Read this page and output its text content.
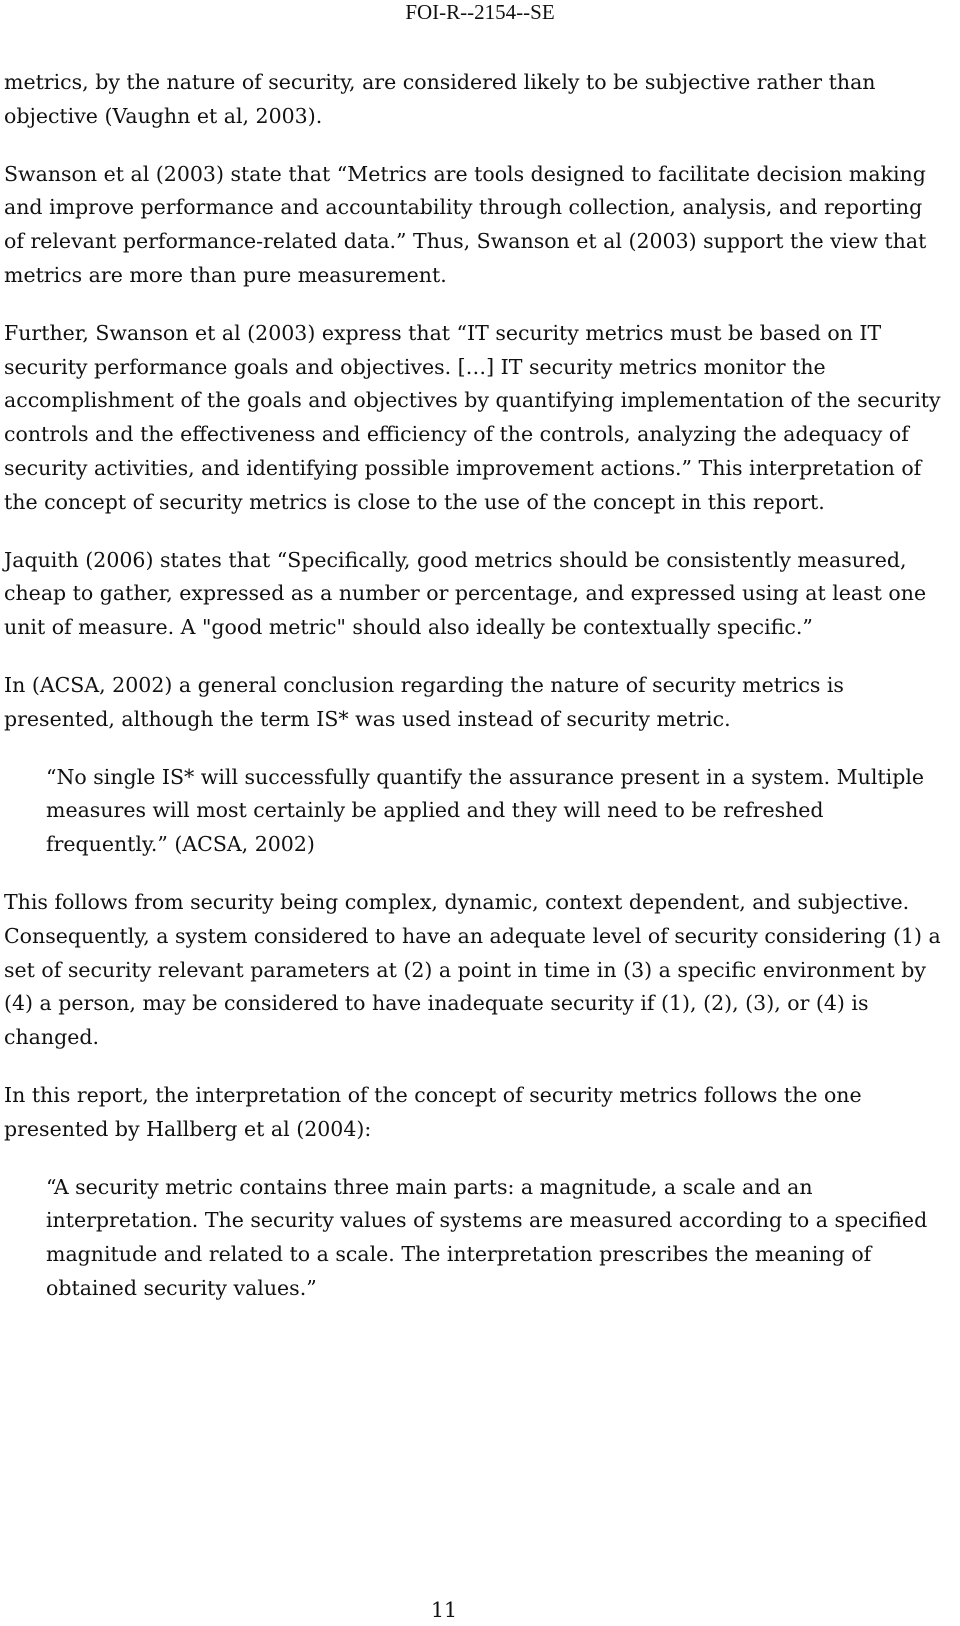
FOI-R--2154--SE

metrics, by the nature of security, are considered likely to be subjective rather than objective (Vaughn et al, 2003).

Swanson et al (2003) state that “Metrics are tools designed to facilitate decision making and improve performance and accountability through collection, analysis, and reporting of relevant performance-related data.” Thus, Swanson et al (2003) support the view that metrics are more than pure measurement.

Further, Swanson et al (2003) express that “IT security metrics must be based on IT security performance goals and objectives. […] IT security metrics monitor the accomplishment of the goals and objectives by quantifying implementation of the security controls and the effectiveness and efficiency of the controls, analyzing the adequacy of security activities, and identifying possible improvement actions.” This interpretation of the concept of security metrics is close to the use of the concept in this report.

Jaquith (2006) states that “Specifically, good metrics should be consistently measured, cheap to gather, expressed as a number or percentage, and expressed using at least one unit of measure. A "good metric" should also ideally be contextually specific.”

In (ACSA, 2002) a general conclusion regarding the nature of security metrics is presented, although the term IS* was used instead of security metric.

“No single IS* will successfully quantify the assurance present in a system. Multiple measures will most certainly be applied and they will need to be refreshed frequently.” (ACSA, 2002)

This follows from security being complex, dynamic, context dependent, and subjective. Consequently, a system considered to have an adequate level of security considering (1) a set of security relevant parameters at (2) a point in time in (3) a specific environment by (4) a person, may be considered to have inadequate security if (1), (2), (3), or (4) is changed.

In this report, the interpretation of the concept of security metrics follows the one presented by Hallberg et al (2004):

“A security metric contains three main parts: a magnitude, a scale and an interpretation. The security values of systems are measured according to a specified magnitude and related to a scale. The interpretation prescribes the meaning of obtained security values.”

11
